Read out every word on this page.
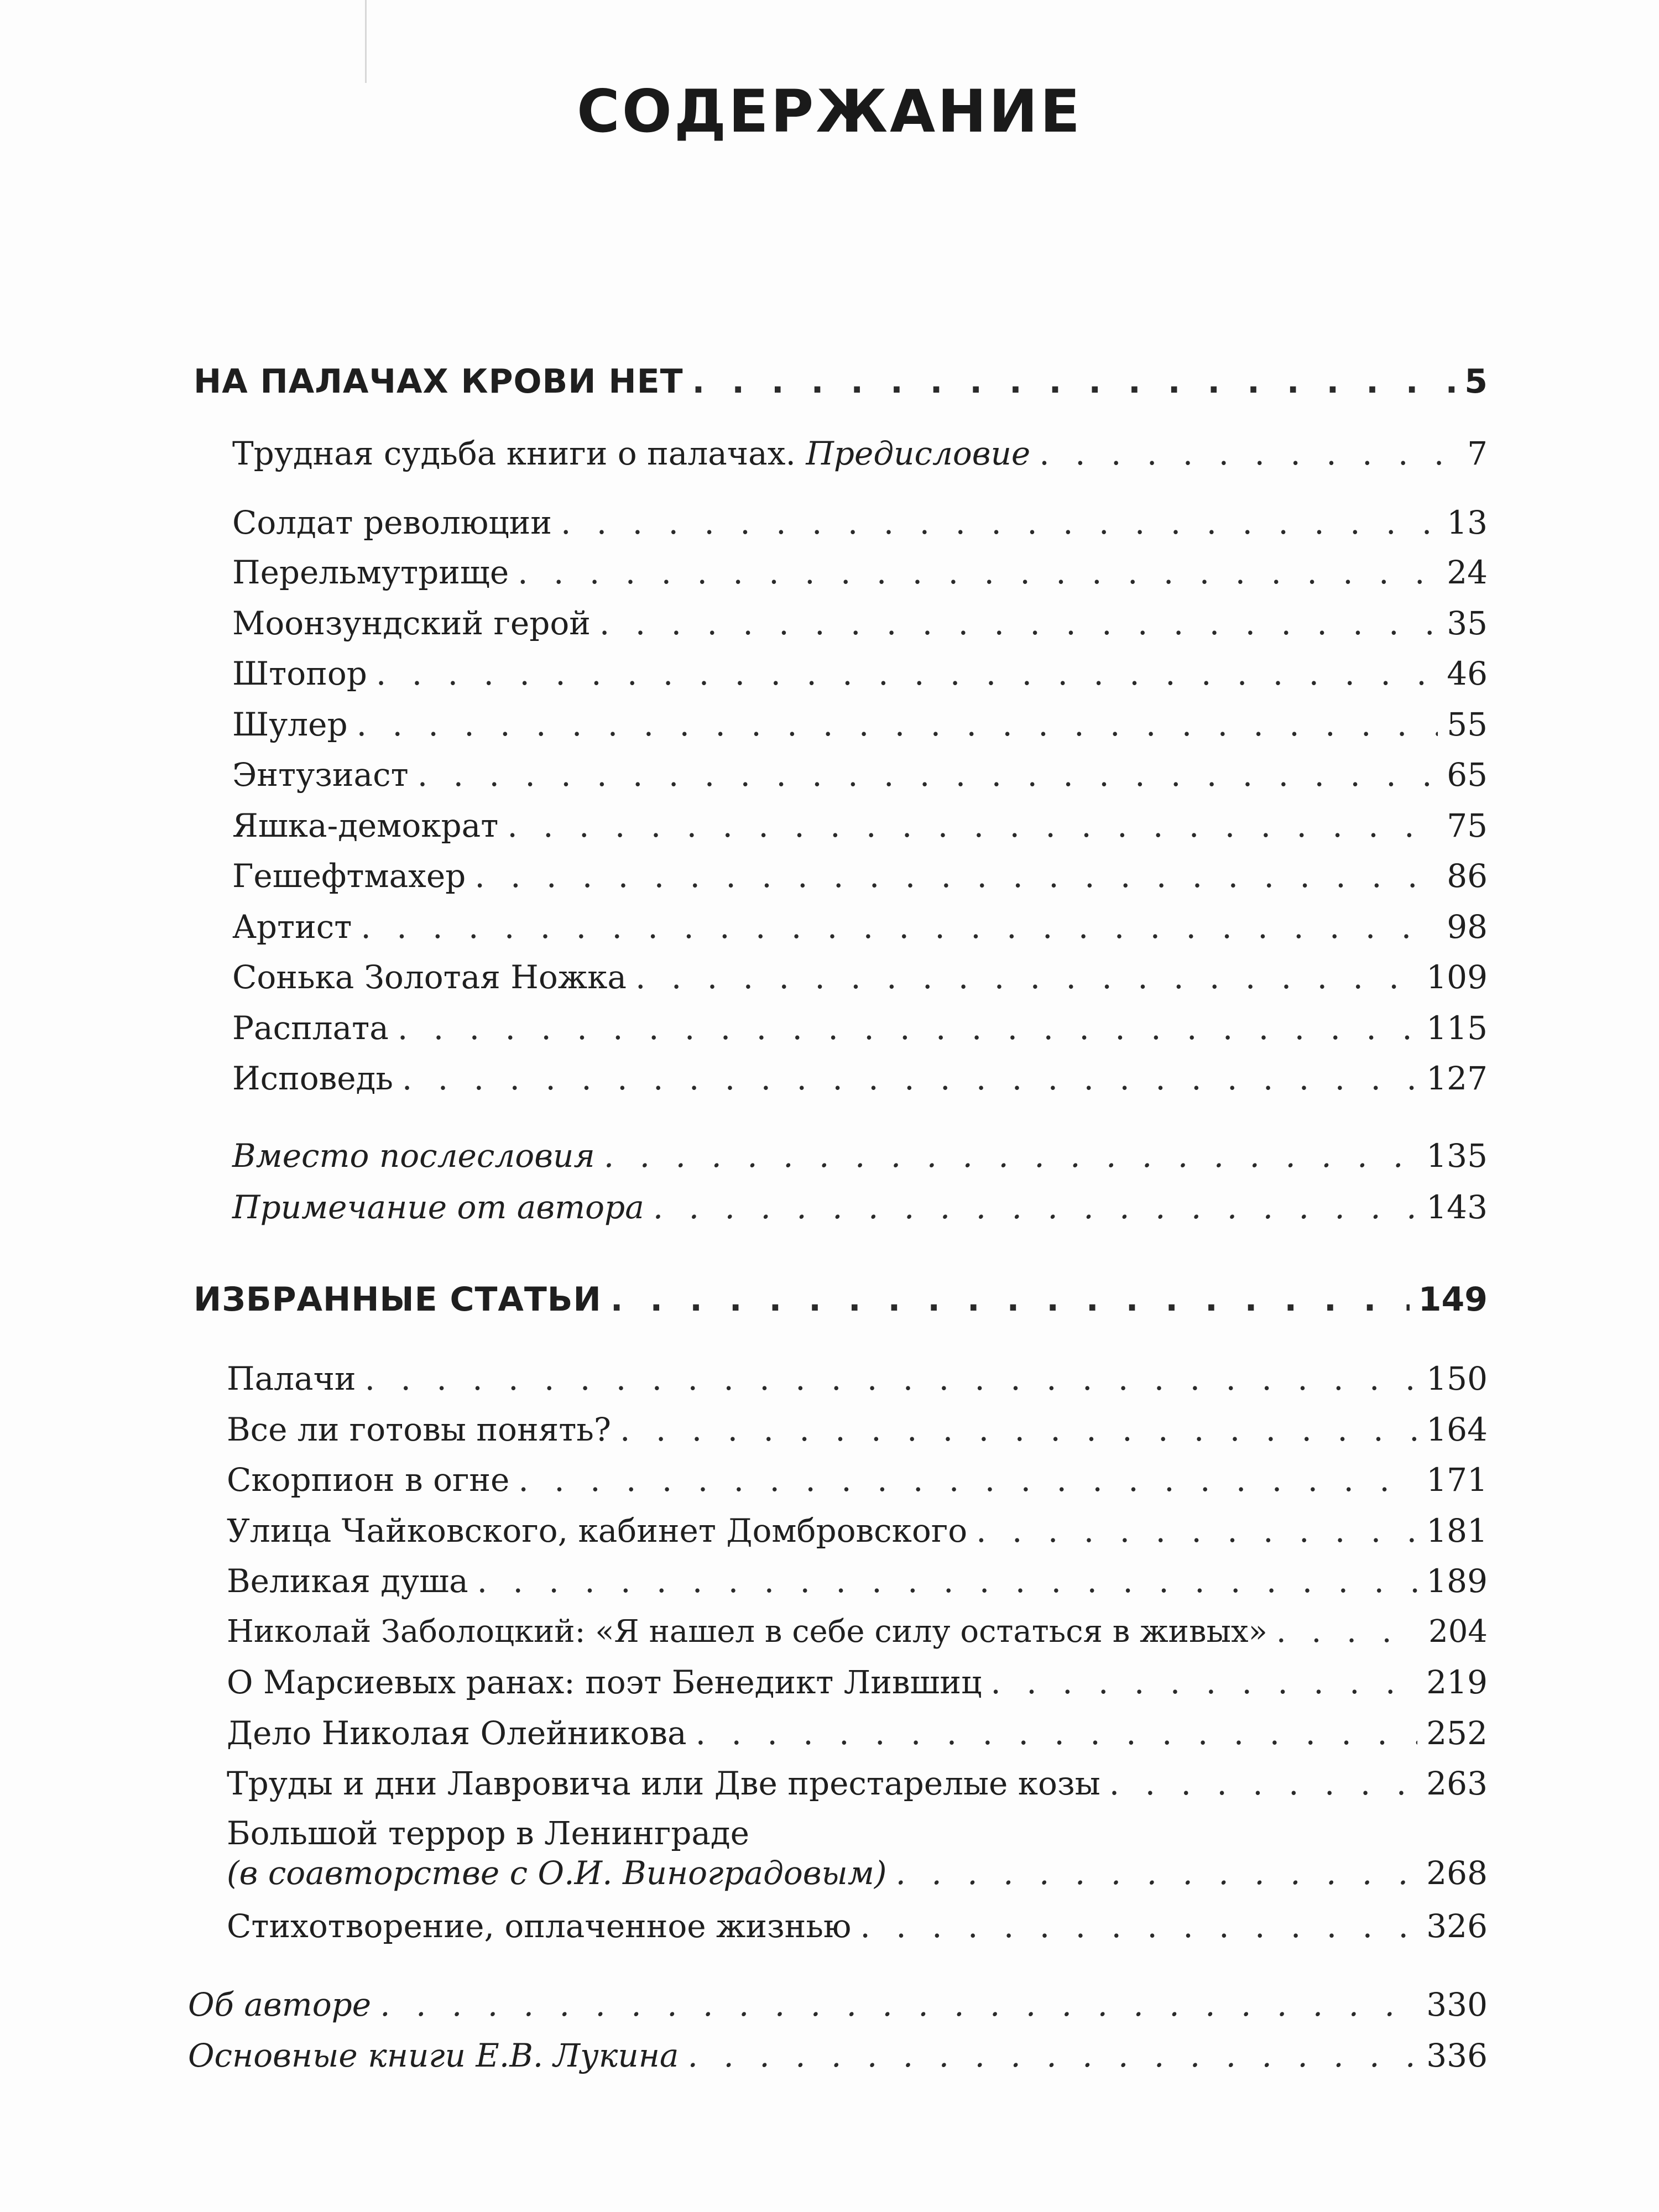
СОДЕРЖАНИЕ
НА ПАЛАЧАХ КРОВИ НЕТ . . .	5
Трудная судьба книги о палачах. Предисловие . . .	7
Солдат революции . . .	13
Перельмутрище . . .	24
Моонзундский герой . . .	35
Штопор . . .	46
Шулер . . .	55
Энтузиаст . . .	65
Яшка-демократ . . .	75
Гешефтмахер . . .	86
Артист . . .	98
Сонька Золотая Ножка . . .	109
Расплата . . .	115
Исповедь . . .	127
Вместо послесловия . . .	135
Примечание от автора . . .	143
ИЗБРАННЫЕ СТАТЬИ . . .	149
Палачи . . .	150
Все ли готовы понять? . . .	164
Скорпион в огне . . .	171
Улица Чайковского, кабинет Домбровского . . .	181
Великая душа . . .	189
Николай Заболоцкий: «Я нашел в себе силу остаться в живых» . . .	204
О Марсиевых ранах: поэт Бенедикт Лившиц . . .	219
Дело Николая Олейникова . . .	252
Труды и дни Лавровича или Две престарелые козы . . .	263
Большой террор в Ленинграде
(в соавторстве с О.И. Виноградовым) . . .	268
Стихотворение, оплаченное жизнью . . .	326
Об авторе . . .	330
Основные книги Е.В. Лукина . . .	336
